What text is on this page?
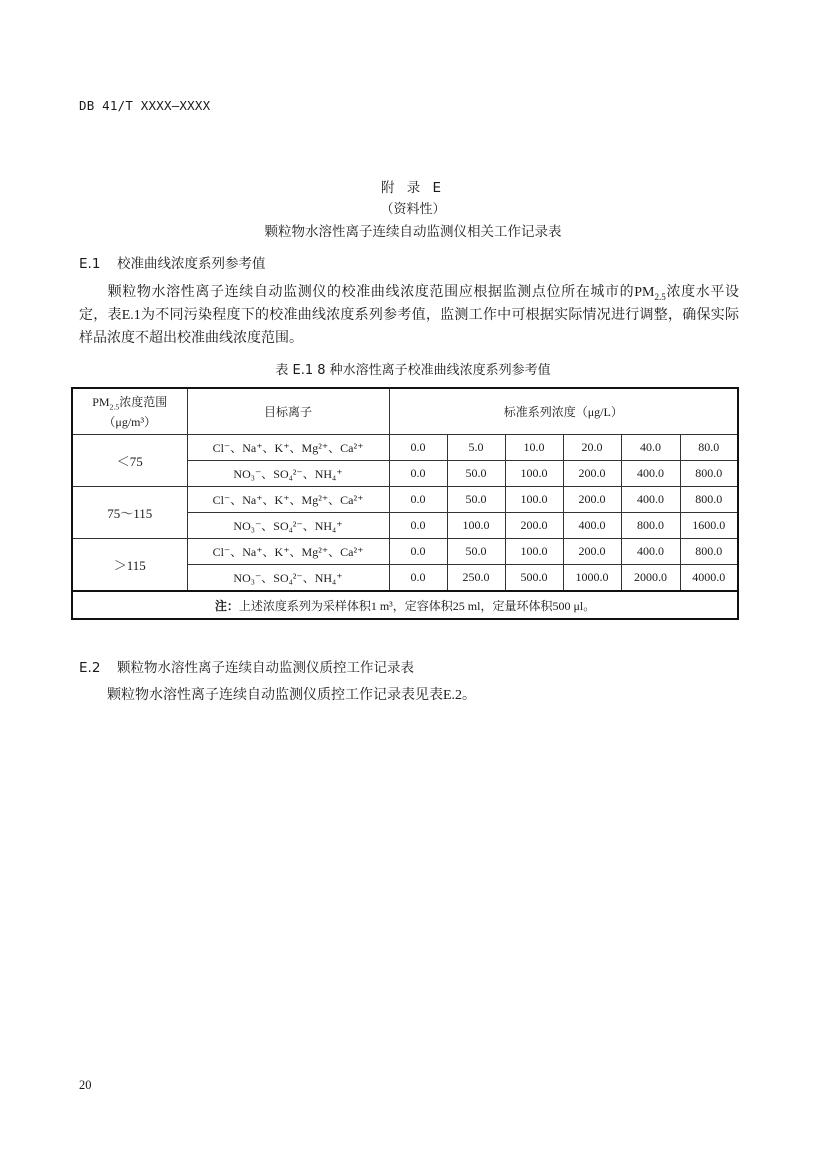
DB 41/T XXXX—XXXX
附 录 E
（资料性）
颗粒物水溶性离子连续自动监测仪相关工作记录表
E.1 校准曲线浓度系列参考值
颗粒物水溶性离子连续自动监测仪的校准曲线浓度范围应根据监测点位所在城市的$PM_{2.5}$浓度水平设定，表E.1为不同污染程度下的校准曲线浓度系列参考值，监测工作中可根据实际情况进行调整，确保实际样品浓度不超出校准曲线浓度范围。
表 E.1 8 种水溶性离子校准曲线浓度系列参考值
$PM_{2.5}$浓度范围
（μg/m³）	目标离子	标准系列浓度（μg/L）					
＜75	Cl⁻、Na⁺、K⁺、Mg²⁺、Ca²⁺	0.0	5.0	10.0	20.0	40.0	80.0
	NO₃⁻、SO₄²⁻、NH₄⁺	0.0	50.0	100.0	200.0	400.0	800.0
75～115	Cl⁻、Na⁺、K⁺、Mg²⁺、Ca²⁺	0.0	50.0	100.0	200.0	400.0	800.0
	NO₃⁻、SO₄²⁻、NH₄⁺	0.0	100.0	200.0	400.0	800.0	1600.0
＞115	Cl⁻、Na⁺、K⁺、Mg²⁺、Ca²⁺	0.0	50.0	100.0	200.0	400.0	800.0
	NO₃⁻、SO₄²⁻、NH₄⁺	0.0	250.0	500.0	1000.0	2000.0	4000.0
注：上述浓度系列为采样体积1 m³，定容体积25 ml，定量环体积500 μl。							
E.2 颗粒物水溶性离子连续自动监测仪质控工作记录表
颗粒物水溶性离子连续自动监测仪质控工作记录表见表E.2。
20
